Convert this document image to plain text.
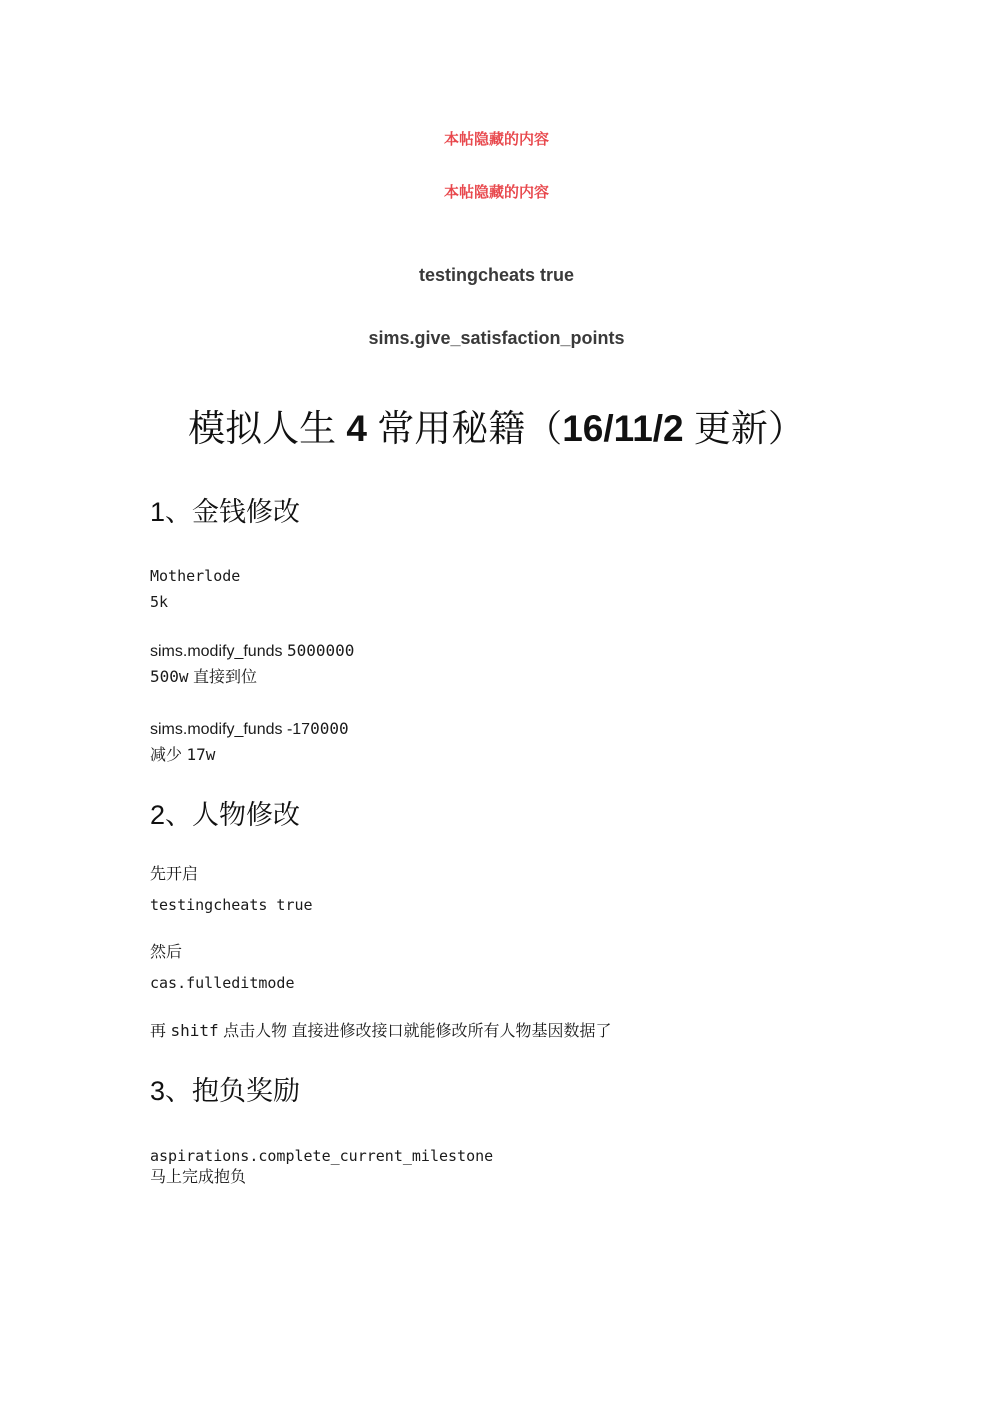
本帖隐藏的内容
本帖隐藏的内容
testingcheats true
sims.give_satisfaction_points
模拟人生 4 常用秘籍（16/11/2 更新）
1、金钱修改
Motherlode
5k
sims.modify_funds 5000000
500w 直接到位
sims.modify_funds -170000
减少 17w
2、人物修改
先开启
testingcheats true
然后
cas.fulleditmode
再 shitf 点击人物 直接进修改接口就能修改所有人物基因数据了
3、抱负奖励
aspirations.complete_current_milestone
马上完成抱负
